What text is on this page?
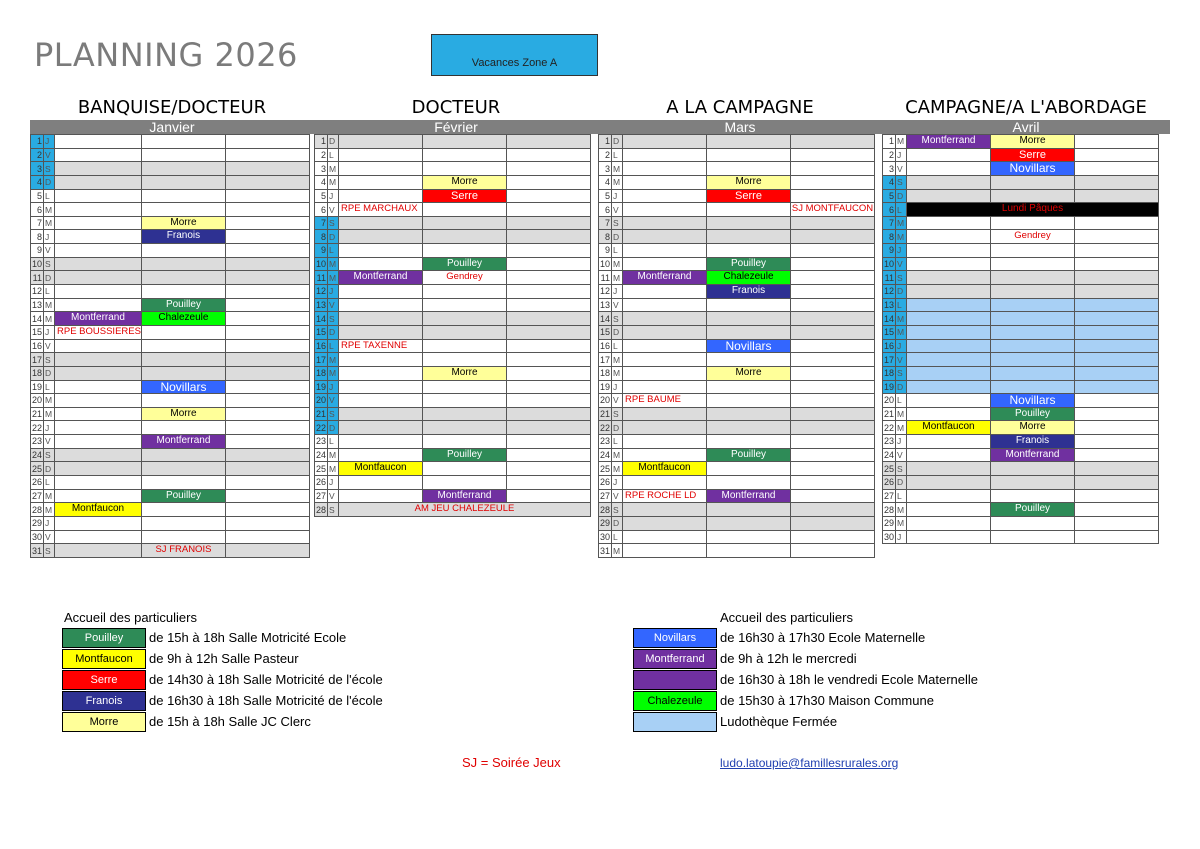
PLANNING 2026	Vacances Zone A
BANQUISE/DOCTEUR	DOCTEUR	A LA CAMPAGNE	CAMPAGNE/A L'ABORDAGE
Janvier	Février	Mars	Avril
1	J			
2	V			
3	S			
4	D			
5	L			
6	M			
7	M		Morre	

8	J		Franois	

9	V			
10	S			
11	D			
12	L			
13	M		Pouilley	

14	M	Montferrand	Chalezeule	

15	J	RPE BOUSSIERES		

16	V			
17	S			
18	D			
19	L		Novillars	

20	M			
21	M		Morre	

22	J			
23	V		Montferrand	

24	S			
25	D			
26	L			
27	M		Pouilley	

28	M	Montfaucon		

29	J			
30	V			
31	S		SJ FRANOIS	

1	D			
2	L			
3	M			
4	M		Morre	

5	J		Serre	

6	V	RPE MARCHAUX		

7	S			
8	D			
9	L			
10	M		Pouilley	

11	M	Montferrand	Gendrey	

12	J			
13	V			
14	S			
15	D			
16	L	RPE TAXENNE		

17	M			
18	M		Morre	

19	J			
20	V			
21	S			
22	D			
23	L			
24	M		Pouilley	

25	M	Montfaucon		

26	J			
27	V		Montferrand	

28	S	AM JEU CHALEZEULE		
1	D			
2	L			
3	M			
4	M		Morre	

5	J		Serre	

6	V			SJ MONTFAUCON

7	S			
8	D			
9	L			
10	M		Pouilley	

11	M	Montferrand	Chalezeule	

12	J		Franois	

13	V			
14	S			
15	D			
16	L		Novillars	

17	M			
18	M		Morre	

19	J			
20	V	RPE BAUME		

21	S			
22	D			
23	L			
24	M		Pouilley	

25	M	Montfaucon		

26	J			
27	V	RPE ROCHE LD	Montferrand	

28	S			
29	D			
30	L			
31	M			
1	M	Montferrand	Morre	

2	J		Serre	

3	V		Novillars	

4	S			
5	D			
6	L	Lundi Pâques		

7	M			
8	M		Gendrey	

9	J			
10	V			
11	S			
12	D			
13	L			
14	M			
15	M			
16	J			
17	V			
18	S			
19	D			
20	L		Novillars	

21	M		Pouilley	

22	M	Montfaucon	Morre	

23	J		Franois	

24	V		Montferrand	

25	S			
26	D			
27	L			
28	M		Pouilley	

29	M			
30	J			
Accueil des particuliers
Pouilley	de 15h à 18h Salle Motricité Ecole
Montfaucon	de 9h à 12h Salle Pasteur
Serre	de 14h30 à 18h Salle Motricité de l'école
Franois	de 16h30 à 18h Salle Motricité de l'école
Morre	de 15h à 18h Salle JC Clerc
Accueil des particuliers
Novillars	de 16h30 à 17h30 Ecole Maternelle
Montferrand	de 9h à 12h le mercredi
de 16h30 à 18h le vendredi Ecole Maternelle
Chalezeule	de 15h30 à 17h30 Maison Commune
Ludothèque Fermée
SJ = Soirée Jeux	ludo.latoupie@famillesrurales.org
